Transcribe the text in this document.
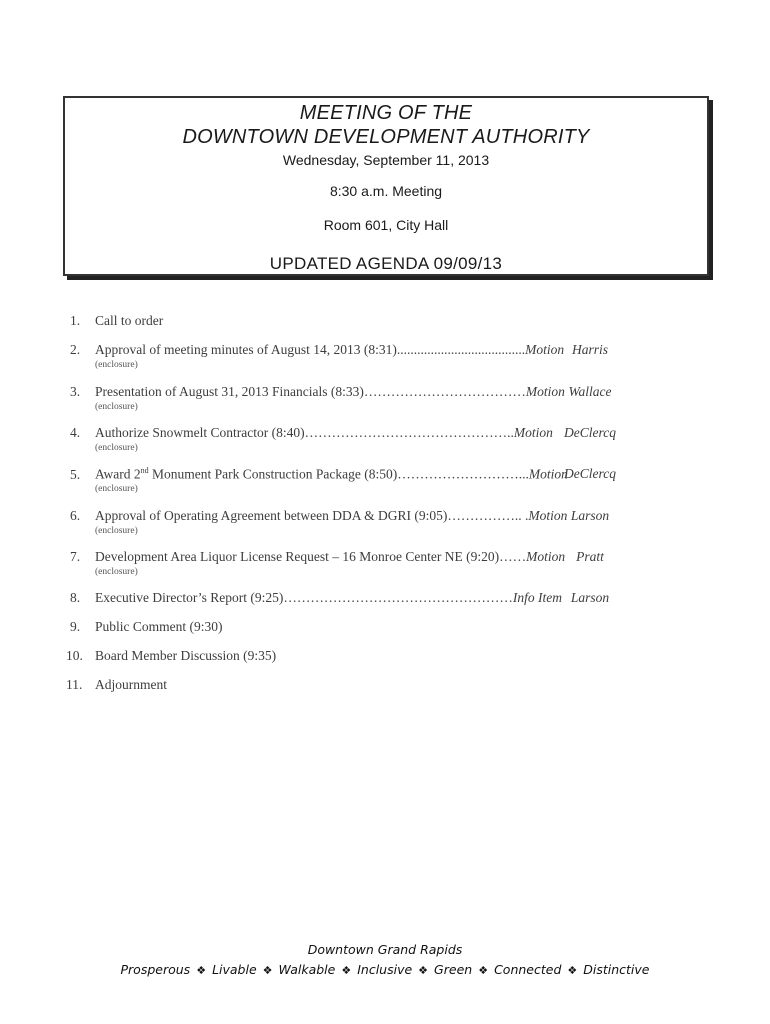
MEETING OF THE
DOWNTOWN DEVELOPMENT AUTHORITY
Wednesday, September 11, 2013
8:30 a.m. Meeting
Room 601, City Hall
UPDATED AGENDA 09/09/13
1. Call to order
2. Approval of meeting minutes of August 14, 2013 (8:31)......................................Motion Harris
(enclosure)
3. Presentation of August 31, 2013 Financials (8:33)………………………………Motion Wallace
(enclosure)
4. Authorize Snowmelt Contractor (8:40)………………………………………..Motion DeClercq
(enclosure)
5. Award 2nd Monument Park Construction Package (8:50)………………………...Motion
DeClercq
(enclosure)
6. Approval of Operating Agreement between DDA & DGRI (9:05)…………….. .Motion Larson
(enclosure)
7. Development Area Liquor License Request – 16 Monroe Center NE (9:20)……Motion Pratt
(enclosure)
8. Executive Director’s Report (9:25)……………………………………………Info Item Larson
9. Public Comment (9:30)
10. Board Member Discussion (9:35)
11. Adjournment
Downtown Grand Rapids
Prosperous ❖ Livable ❖ Walkable ❖ Inclusive ❖ Green ❖ Connected ❖ Distinctive
